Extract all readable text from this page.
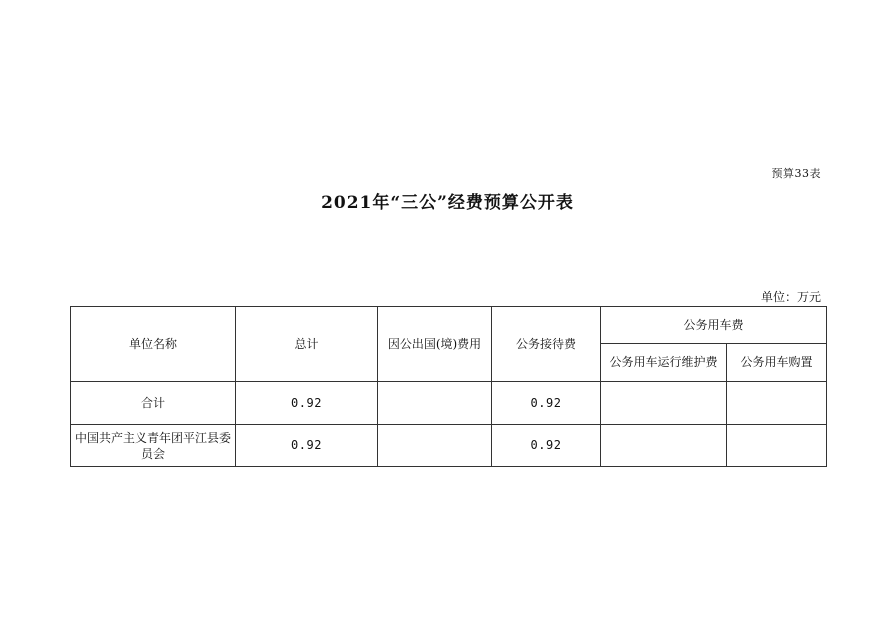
预算33表
2021年“三公”经费预算公开表
单位：万元
单位名称	总计	因公出国(境)费用	公务接待费	公务用车费	
				公务用车运行维护费	公务用车购置
合计	0.92		0.92		
中国共产主义青年团平江县委员会	0.92		0.92		
